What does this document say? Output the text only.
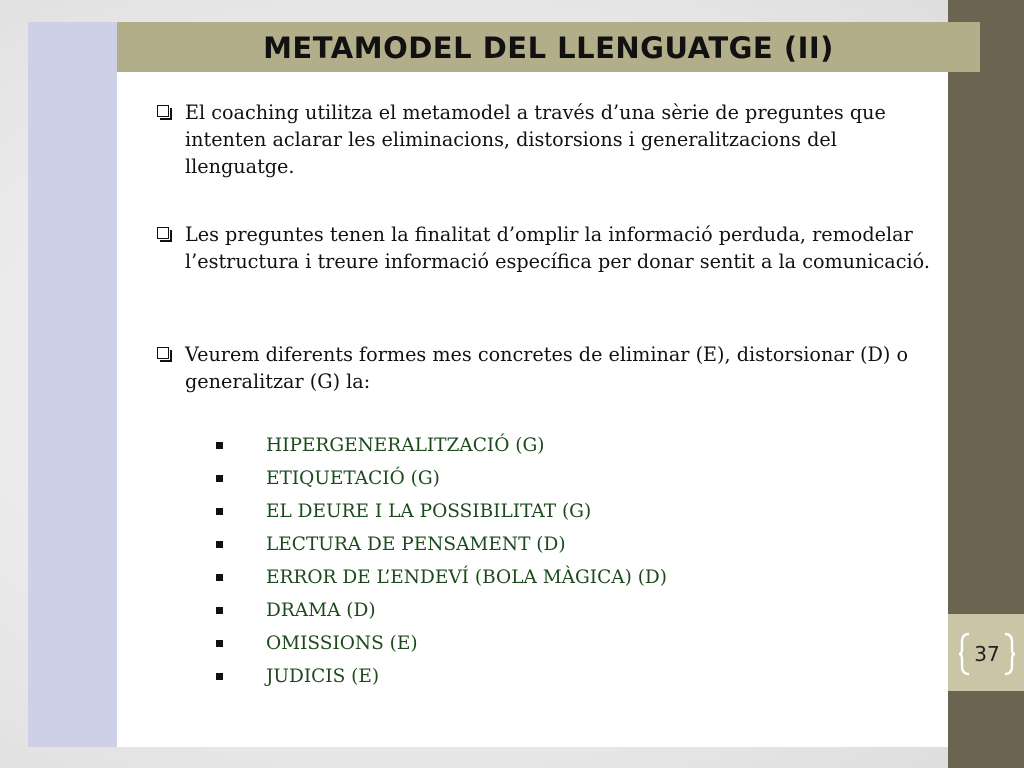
37
METAMODEL DEL LLENGUATGE (II)
El coaching utilitza el metamodel a través d’una sèrie de preguntes que intenten aclarar les eliminacions, distorsions i generalitzacions del llenguatge.
Les preguntes tenen la finalitat d’omplir la informació perduda, remodelar l’estructura i treure informació específica per donar sentit a la comunicació.
Veurem diferents formes mes concretes de eliminar (E), distorsionar (D) o generalitzar (G) la:
HIPERGENERALITZACIÓ (G)
ETIQUETACIÓ (G)
EL DEURE I LA POSSIBILITAT (G)
LECTURA DE PENSAMENT (D)
ERROR DE L’ENDEVÍ (BOLA MÀGICA) (D)
DRAMA (D)
OMISSIONS (E)
JUDICIS (E)
